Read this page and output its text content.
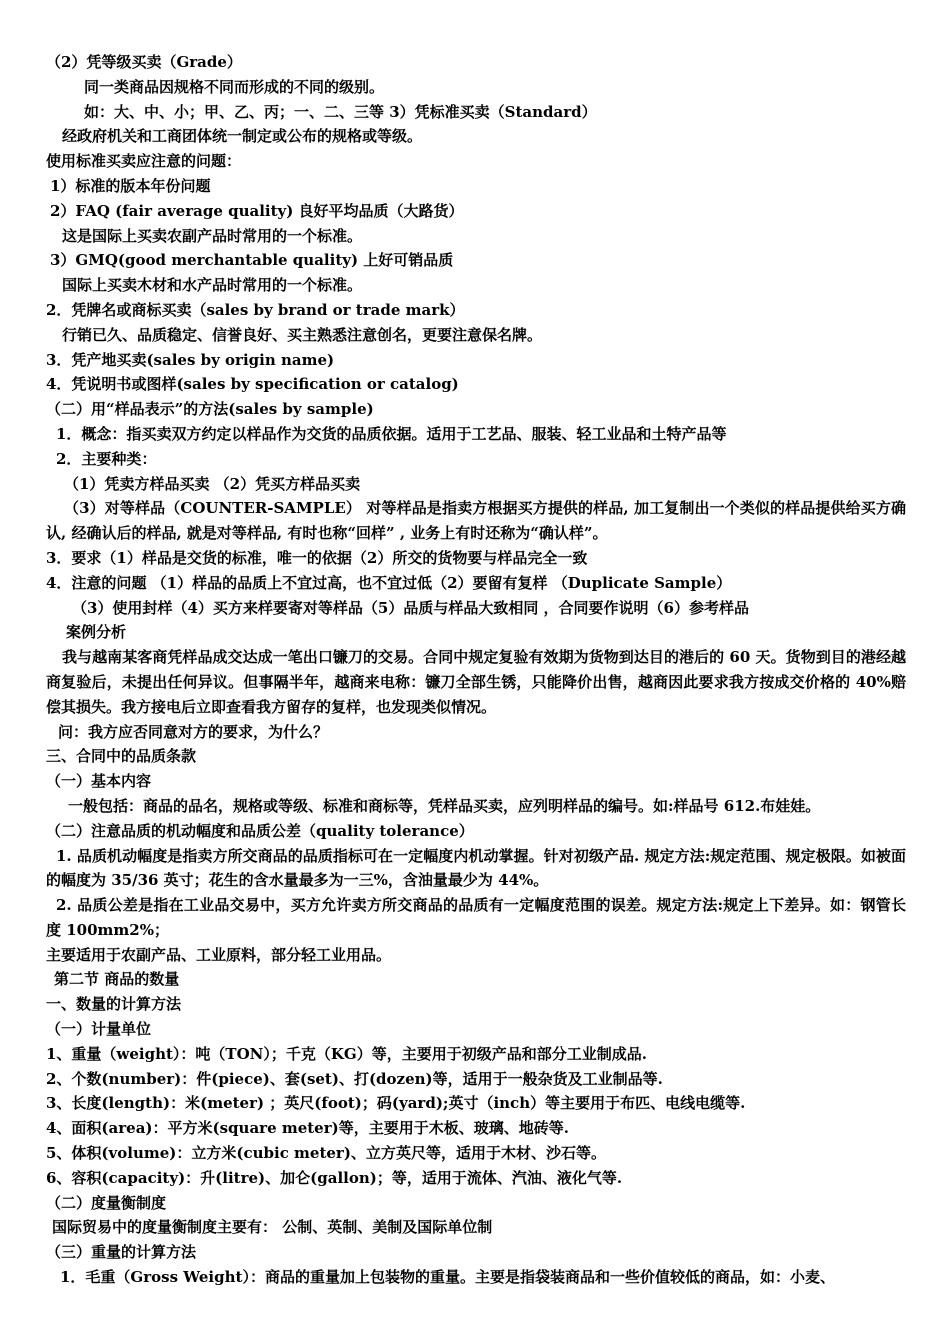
（2）凭等级买卖（Grade）
同一类商品因规格不同而形成的不同的级别。
如：大、中、小；甲、乙、丙；一、二、三等 3）凭标准买卖（Standard）
经政府机关和工商团体统一制定或公布的规格或等级。
使用标准买卖应注意的问题：
1）标准的版本年份问题
2）FAQ (fair average quality) 良好平均品质（大路货）
这是国际上买卖农副产品时常用的一个标准。
3）GMQ(good merchantable quality) 上好可销品质
国际上买卖木材和水产品时常用的一个标准。
2．凭牌名或商标买卖（sales by brand or trade mark）
行销已久、品质稳定、信誉良好、买主熟悉注意创名，更要注意保名牌。
3．凭产地买卖(sales by origin name)
4．凭说明书或图样(sales by specification or catalog)
（二）用“样品表示”的方法(sales by sample)
1．概念：指买卖双方约定以样品作为交货的品质依据。适用于工艺品、服装、轻工业品和土特产品等
2．主要种类：
（1）凭卖方样品买卖 （2）凭买方样品买卖
（3）对等样品（COUNTER-SAMPLE） 对等样品是指卖方根据买方提供的样品, 加工复制出一个类似的样品提供给买方确认, 经确认后的样品, 就是对等样品, 有时也称“回样” , 业务上有时还称为“确认样”。
3．要求（1）样品是交货的标准，唯一的依据（2）所交的货物要与样品完全一致
4．注意的问题 （1）样品的品质上不宜过高，也不宜过低（2）要留有复样 （Duplicate Sample）
（3）使用封样（4）买方来样要寄对等样品（5）品质与样品大致相同 ，合同要作说明（6）参考样品
案例分析
我与越南某客商凭样品成交达成一笔出口镰刀的交易。合同中规定复验有效期为货物到达目的港后的 60 天。货物到目的港经越商复验后，未提出任何异议。但事隔半年，越商来电称：镰刀全部生锈，只能降价出售，越商因此要求我方按成交价格的 40%赔偿其损失。我方接电后立即查看我方留存的复样，也发现类似情况。
问：我方应否同意对方的要求，为什么？
三、合同中的品质条款
（一）基本内容
一般包括：商品的品名，规格或等级、标准和商标等，凭样品买卖，应列明样品的编号。如:样品号 612.布娃娃。
（二）注意品质的机动幅度和品质公差（quality tolerance）
1. 品质机动幅度是指卖方所交商品的品质指标可在一定幅度内机动掌握。针对初级产品. 规定方法:规定范围、规定极限。如被面的幅度为 35/36 英寸；花生的含水量最多为一三%，含油量最少为 44%。
2. 品质公差是指在工业品交易中，买方允许卖方所交商品的品质有一定幅度范围的误差。规定方法:规定上下差异。如：钢管长度 100mm2%；
主要适用于农副产品、工业原料，部分轻工业用品。
第二节 商品的数量
一、数量的计算方法
（一）计量单位
1、重量（weight）：吨（TON）；千克（KG）等，主要用于初级产品和部分工业制成品.
2、个数(number)：件(piece)、套(set)、打(dozen)等，适用于一般杂货及工业制品等.
3、长度(length)：米(meter) ；英尺(foot)；码(yard);英寸（inch）等主要用于布匹、电线电缆等.
4、面积(area)：平方米(square meter)等，主要用于木板、玻璃、地砖等.
5、体积(volume)：立方米(cubic meter)、立方英尺等，适用于木材、沙石等。
6、容积(capacity)：升(litre)、加仑(gallon)；等，适用于流体、汽油、液化气等.
（二）度量衡制度
国际贸易中的度量衡制度主要有： 公制、英制、美制及国际单位制
（三）重量的计算方法
1．毛重（Gross Weight）：商品的重量加上包装物的重量。主要是指袋装商品和一些价值较低的商品，如：小麦、
